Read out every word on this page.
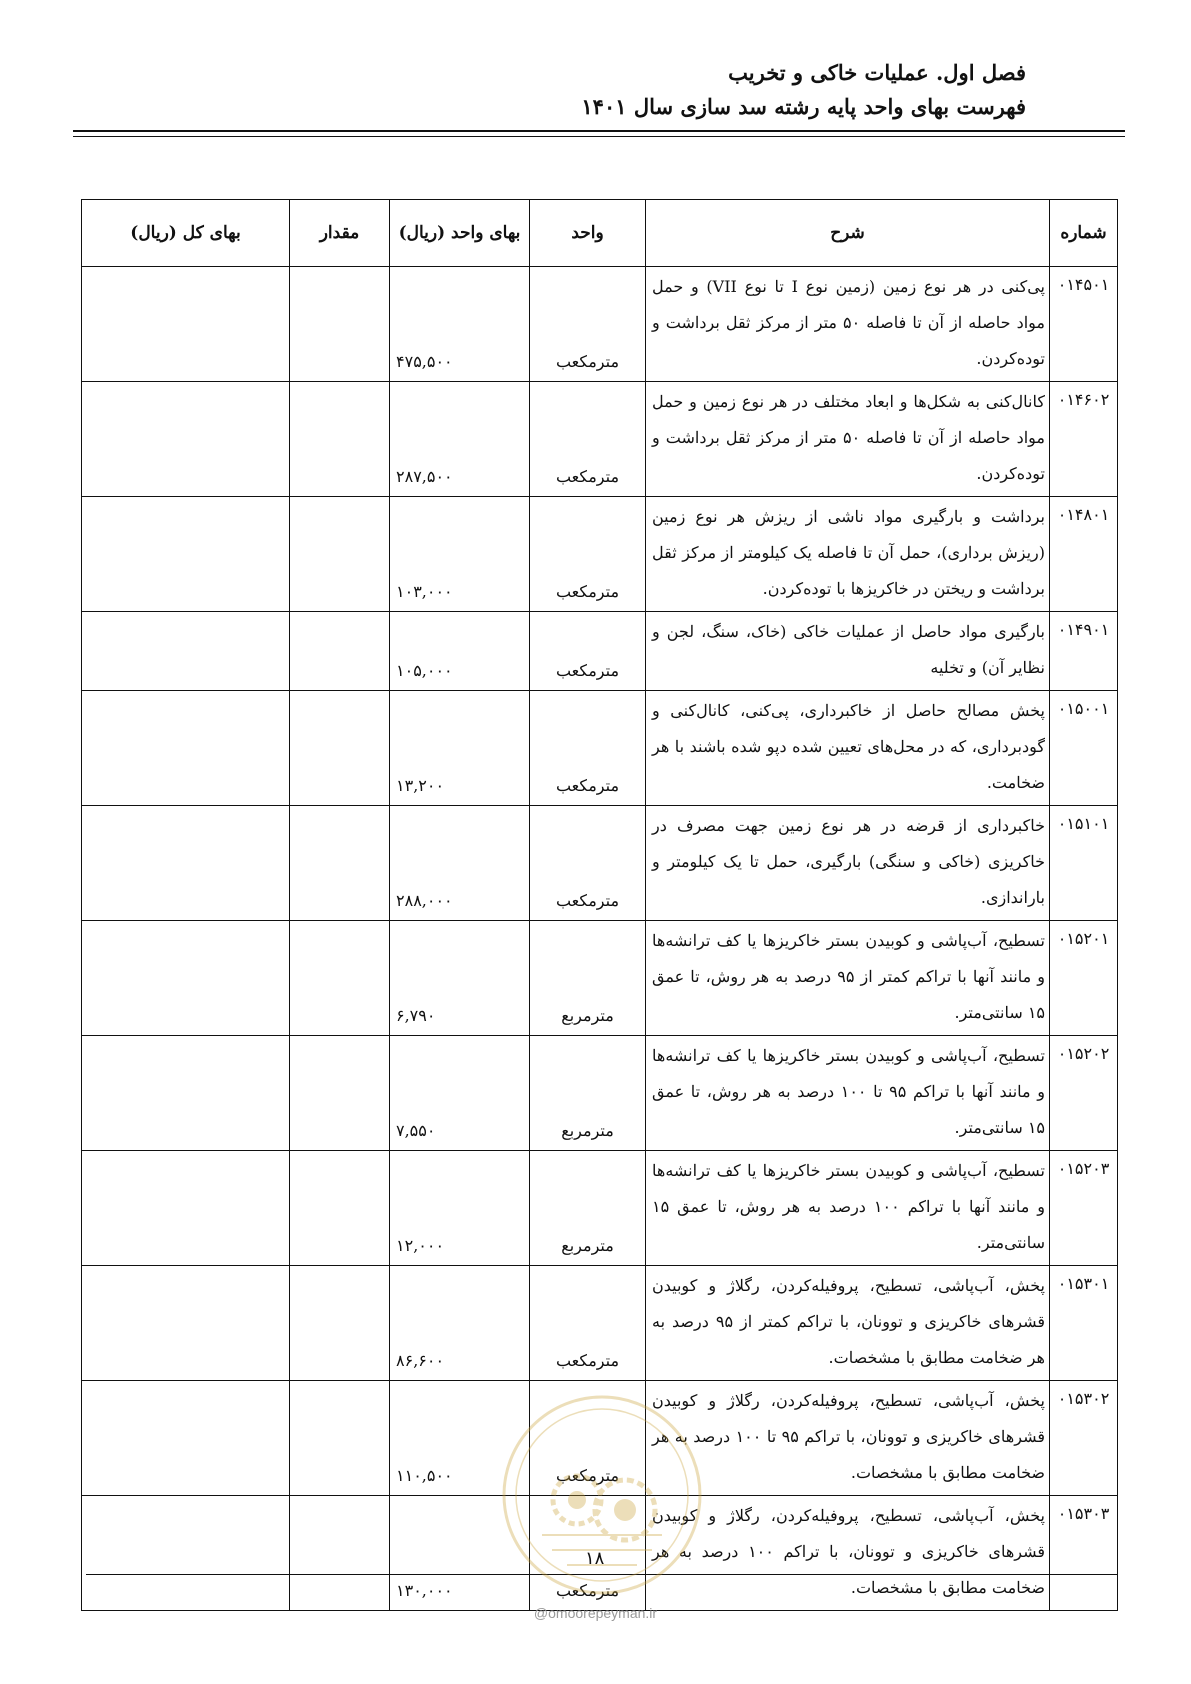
فصل اول. عملیات خاکی و تخریب
فهرست بهای واحد پایه رشته سد سازی سال ۱۴۰۱
شماره	شرح	واحد	بهای واحد (ریال)	مقدار	بهای کل (ریال)
۰۱۴۵۰۱	پی‌کنی در هر نوع زمین (زمین نوع I تا نوع VII) و حمل مواد حاصله از آن تا فاصله ۵۰ متر از مرکز ثقل برداشت و توده‌کردن.	مترمکعب	۴۷۵,۵۰۰		
۰۱۴۶۰۲	کانال‌کنی به شکل‌ها و ابعاد مختلف در هر نوع زمین و حمل مواد حاصله از آن تا فاصله ۵۰ متر از مرکز ثقل برداشت و توده‌کردن.	مترمکعب	۲۸۷,۵۰۰		
۰۱۴۸۰۱	برداشت و بارگیری مواد ناشی از ریزش هر نوع زمین (ریزش برداری)، حمل آن تا فاصله یک کیلومتر از مرکز ثقل برداشت و ریختن در خاکریزها با توده‌کردن.	مترمکعب	۱۰۳,۰۰۰		
۰۱۴۹۰۱	بارگیری مواد حاصل از عملیات خاکی (خاک، سنگ، لجن و نظایر آن) و تخلیه	مترمکعب	۱۰۵,۰۰۰		
۰۱۵۰۰۱	پخش مصالح حاصل از خاکبرداری، پی‌کنی، کانال‌کنی و گودبرداری، که در محل‌های تعیین شده دپو شده باشند با هر ضخامت.	مترمکعب	۱۳,۲۰۰		
۰۱۵۱۰۱	خاکبرداری از قرضه در هر نوع زمین جهت مصرف در خاکریزی (خاکی و سنگی) بارگیری، حمل تا یک کیلومتر و باراندازی.	مترمکعب	۲۸۸,۰۰۰		
۰۱۵۲۰۱	تسطیح، آب‌پاشی و کوبیدن بستر خاکریزها یا کف ترانشه‌ها و مانند آنها با تراکم کمتر از ۹۵ درصد به هر روش، تا عمق ۱۵ سانتی‌متر.	مترمربع	۶,۷۹۰		
۰۱۵۲۰۲	تسطیح، آب‌پاشی و کوبیدن بستر خاکریزها یا کف ترانشه‌ها و مانند آنها با تراکم ۹۵ تا ۱۰۰ درصد به هر روش، تا عمق ۱۵ سانتی‌متر.	مترمربع	۷,۵۵۰		
۰۱۵۲۰۳	تسطیح، آب‌پاشی و کوبیدن بستر خاکریزها یا کف ترانشه‌ها و مانند آنها با تراکم ۱۰۰ درصد به هر روش، تا عمق ۱۵ سانتی‌متر.	مترمربع	۱۲,۰۰۰		
۰۱۵۳۰۱	پخش، آب‌پاشی، تسطیح، پروفیله‌کردن، رگلاژ و کوبیدن قشرهای خاکریزی و توونان، با تراکم کمتر از ۹۵ درصد به هر ضخامت مطابق با مشخصات.	مترمکعب	۸۶,۶۰۰		
۰۱۵۳۰۲	پخش، آب‌پاشی، تسطیح، پروفیله‌کردن، رگلاژ و کوبیدن قشرهای خاکریزی و توونان، با تراکم ۹۵ تا ۱۰۰ درصد به هر ضخامت مطابق با مشخصات.	مترمکعب	۱۱۰,۵۰۰		
۰۱۵۳۰۳	پخش، آب‌پاشی، تسطیح، پروفیله‌کردن، رگلاژ و کوبیدن قشرهای خاکریزی و توونان، با تراکم ۱۰۰ درصد به هر ضخامت مطابق با مشخصات.	مترمکعب	۱۳۰,۰۰۰		
۱۸
@omoorepeyman.ir
